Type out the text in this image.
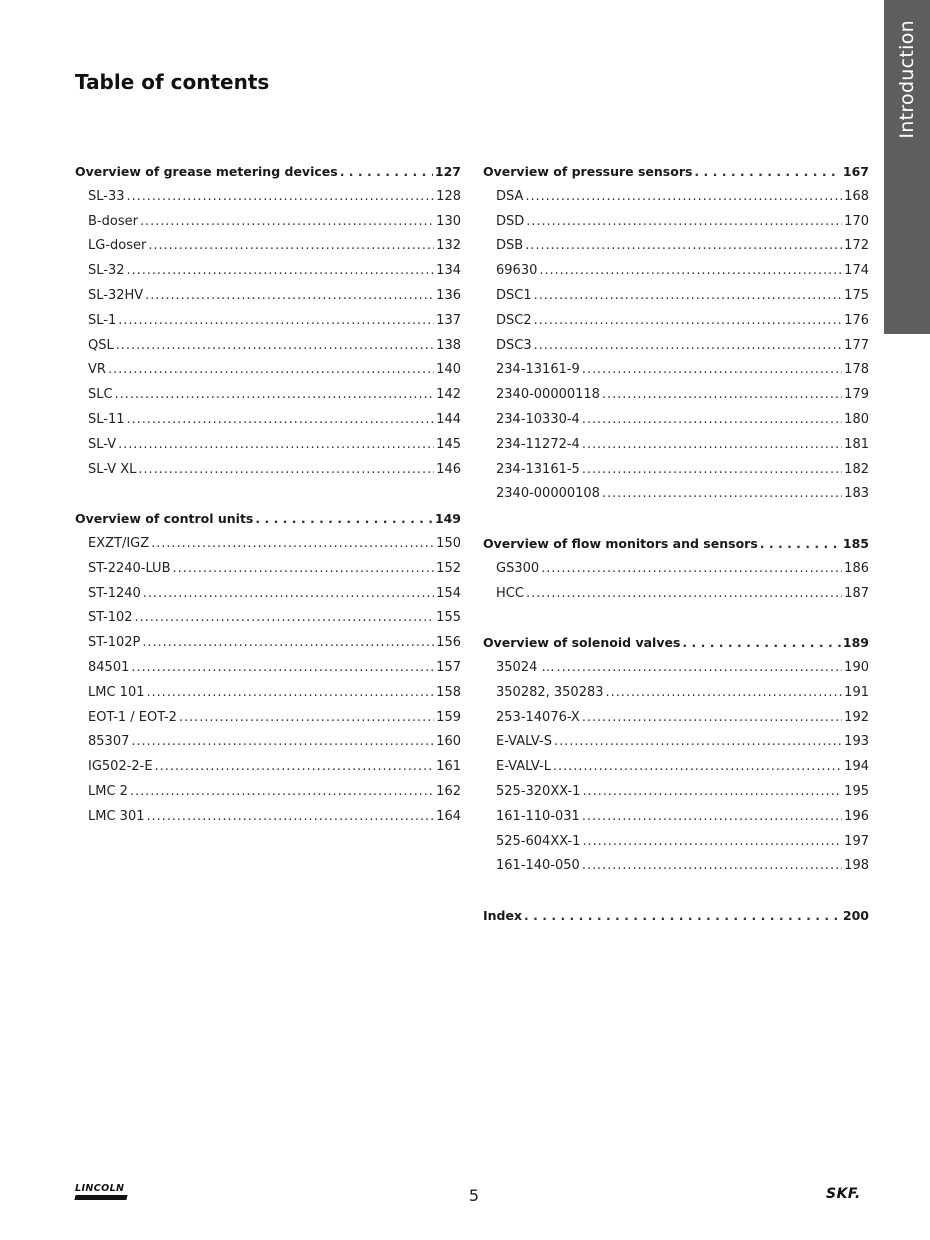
Introduction
Table of contents
Overview of grease metering devices . . .	127
SL-33 . . .	128
B-doser . . .	130
LG-doser . . .	132
SL-32 . . .	134
SL-32HV . . .	136
SL-1 . . .	137
QSL . . .	138
VR . . .	140
SLC . . .	142
SL-11 . . .	144
SL-V . . .	145
SL-V XL . . .	146
Overview of control units . . .	149
EXZT/IGZ . . .	150
ST-2240-LUB . . .	152
ST-1240 . . .	154
ST-102 . . .	155
ST-102P . . .	156
84501 . . .	157
LMC 101 . . .	158
EOT-1 / EOT-2 . . .	159
85307 . . .	160
IG502-2-E . . .	161
LMC 2 . . .	162
LMC 301 . . .	164
Overview of pressure sensors . . .	167
DSA . . .	168
DSD . . .	170
DSB . . .	172
69630 . . .	174
DSC1 . . .	175
DSC2 . . .	176
DSC3 . . .	177
234-13161-9 . . .	178
2340-00000118 . . .	179
234-10330-4 . . .	180
234-11272-4 . . .	181
234-13161-5 . . .	182
2340-00000108 . . .	183
Overview of flow monitors and sensors . . .	185
GS300 . . .	186
HCC . . .	187
Overview of solenoid valves . . .	189
35024 … . . .	190
350282, 350283 . . .	191
253-14076-X . . .	192
E-VALV-S . . .	193
E-VALV-L . . .	194
525-320XX-1 . . .	195
161-110-031 . . .	196
525-604XX-1 . . .	197
161-140-050 . . .	198
Index . . .	200
LINCOLN	5	SKF.
